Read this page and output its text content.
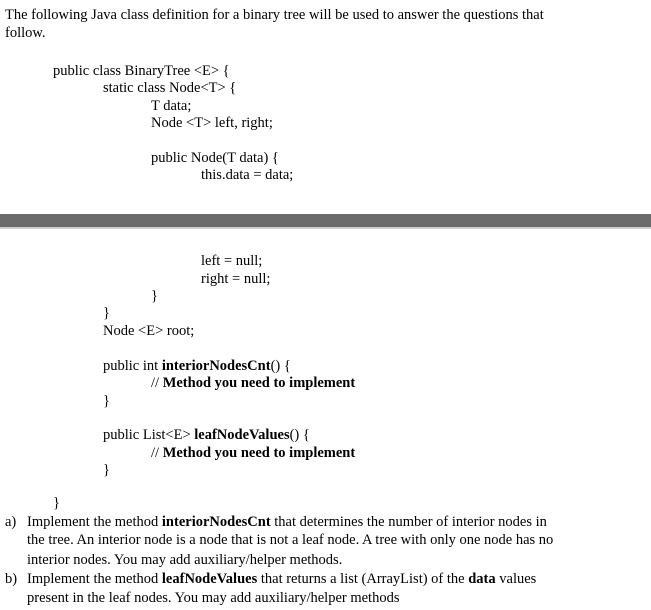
The following Java class definition for a binary tree will be used to answer the questions that
follow.
public class BinaryTree <E> {
static class Node<T> {
T data;
Node <T> left, right;
public Node(T data) {
this.data = data;
left = null;
right = null;
}
}
Node <E> root;
public int interiorNodesCnt() {
// Method you need to implement
}
public List<E> leafNodeValues() {
// Method you need to implement
}
}
a) Implement the method interiorNodesCnt that determines the number of interior nodes in
the tree. An interior node is a node that is not a leaf node. A tree with only one node has no
interior nodes. You may add auxiliary/helper methods.
b) Implement the method leafNodeValues that returns a list (ArrayList) of the data values
present in the leaf nodes. You may add auxiliary/helper methods
